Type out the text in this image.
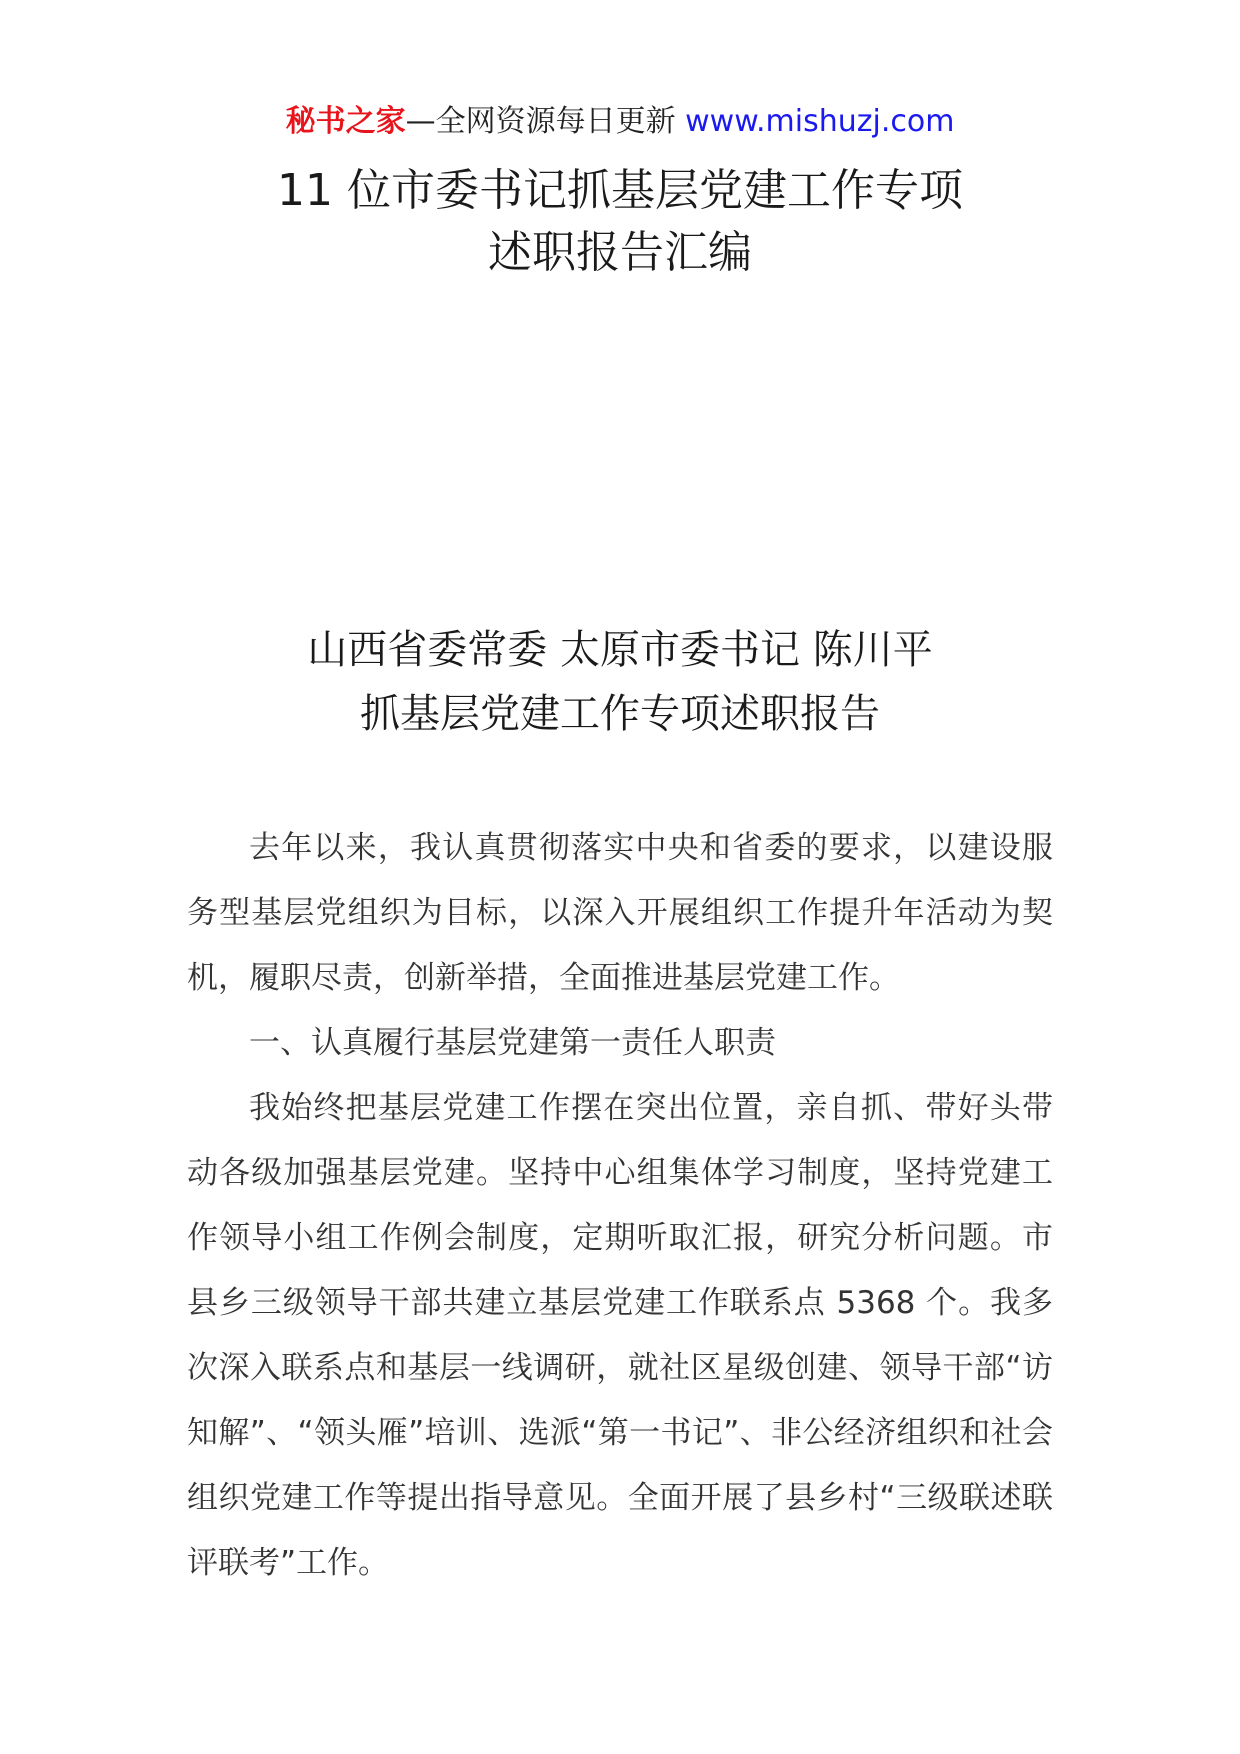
秘书之家—全网资源每日更新 www.mishuzj.com
11 位市委书记抓基层党建工作专项
述职报告汇编
山西省委常委 太原市委书记 陈川平
抓基层党建工作专项述职报告

去年以来，我认真贯彻落实中央和省委的要求，以建设服务型基层党组织为目标，以深入开展组织工作提升年活动为契机，履职尽责，创新举措，全面推进基层党建工作。

一、认真履行基层党建第一责任人职责

我始终把基层党建工作摆在突出位置，亲自抓、带好头带动各级加强基层党建。坚持中心组集体学习制度，坚持党建工作领导小组工作例会制度，定期听取汇报，研究分析问题。市县乡三级领导干部共建立基层党建工作联系点 5368 个。我多次深入联系点和基层一线调研，就社区星级创建、领导干部“访知解”、“领头雁”培训、选派“第一书记”、非公经济组织和社会组织党建工作等提出指导意见。全面开展了县乡村“三级联述联评联考”工作。
